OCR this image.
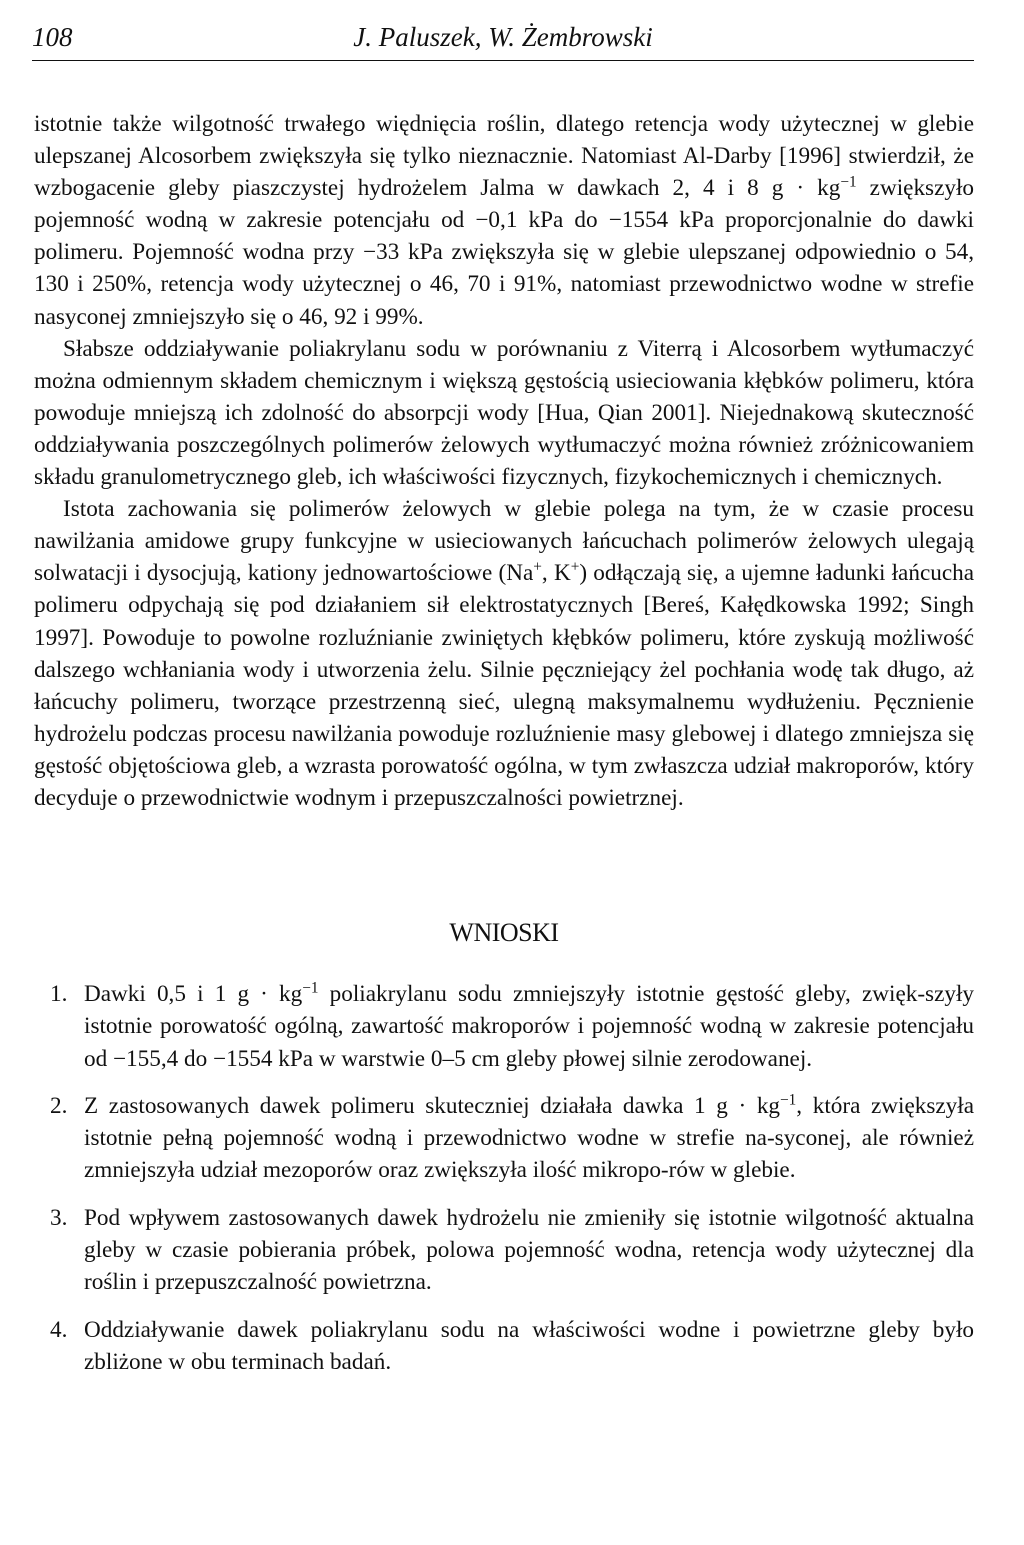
108	J. Paluszek, W. Żembrowski

istotnie także wilgotność trwałego więdnięcia roślin, dlatego retencja wody użytecznej w glebie ulepszanej Alcosorbem zwiększyła się tylko nieznacznie. Natomiast Al-Darby [1996] stwierdził, że wzbogacenie gleby piaszczystej hydrożelem Jalma w dawkach 2, 4 i 8 $g \cdot kg^{-1}$ zwiększyło pojemność wodną w zakresie potencjału od −0,1 kPa do −1554 kPa proporcjonalnie do dawki polimeru. Pojemność wodna przy −33 kPa zwiększyła się w glebie ulepszanej odpowiednio o 54, 130 i 250%, retencja wody użytecznej o 46, 70 i 91%, natomiast przewodnictwo wodne w strefie nasyconej zmniejszyło się o 46, 92 i 99%.

Słabsze oddziaływanie poliakrylanu sodu w porównaniu z Viterrą i Alcosorbem wytłumaczyć można odmiennym składem chemicznym i większą gęstością usieciowania kłębków polimeru, która powoduje mniejszą ich zdolność do absorpcji wody [Hua, Qian 2001]. Niejednakową skuteczność oddziaływania poszczególnych polimerów żelowych wytłumaczyć można również zróżnicowaniem składu granulometrycznego gleb, ich właściwości fizycznych, fizykochemicznych i chemicznych.

Istota zachowania się polimerów żelowych w glebie polega na tym, że w czasie procesu nawilżania amidowe grupy funkcyjne w usieciowanych łańcuchach polimerów żelowych ulegają solwatacji i dysocjują, kationy jednowartościowe (Na+, K+) odłączają się, a ujemne ładunki łańcucha polimeru odpychają się pod działaniem sił elektrostatycznych [Bereś, Kałędkowska 1992; Singh 1997]. Powoduje to powolne rozluźnianie zwiniętych kłębków polimeru, które zyskują możliwość dalszego wchłaniania wody i utworzenia żelu. Silnie pęczniejący żel pochłania wodę tak długo, aż łańcuchy polimeru, tworzące przestrzenną sieć, ulegną maksymalnemu wydłużeniu. Pęcznienie hydrożelu podczas procesu nawilżania powoduje rozluźnienie masy glebowej i dlatego zmniejsza się gęstość objętościowa gleb, a wzrasta porowatość ogólna, w tym zwłaszcza udział makroporów, który decyduje o przewodnictwie wodnym i przepuszczalności powietrznej.

WNIOSKI
1. Dawki 0,5 i 1 $g \cdot kg^{-1}$ poliakrylanu sodu zmniejszyły istotnie gęstość gleby, zwięk-szyły istotnie porowatość ogólną, zawartość makroporów i pojemność wodną w zakresie potencjału od −155,4 do −1554 kPa w warstwie 0–5 cm gleby płowej silnie zerodowanej.
2. Z zastosowanych dawek polimeru skuteczniej działała dawka 1 $g \cdot kg^{-1}$, która zwiększyła istotnie pełną pojemność wodną i przewodnictwo wodne w strefie na-syconej, ale również zmniejszyła udział mezoporów oraz zwiększyła ilość mikropo-rów w glebie.
3. Pod wpływem zastosowanych dawek hydrożelu nie zmieniły się istotnie wilgotność aktualna gleby w czasie pobierania próbek, polowa pojemność wodna, retencja wody użytecznej dla roślin i przepuszczalność powietrzna.
4. Oddziaływanie dawek poliakrylanu sodu na właściwości wodne i powietrzne gleby było zbliżone w obu terminach badań.
